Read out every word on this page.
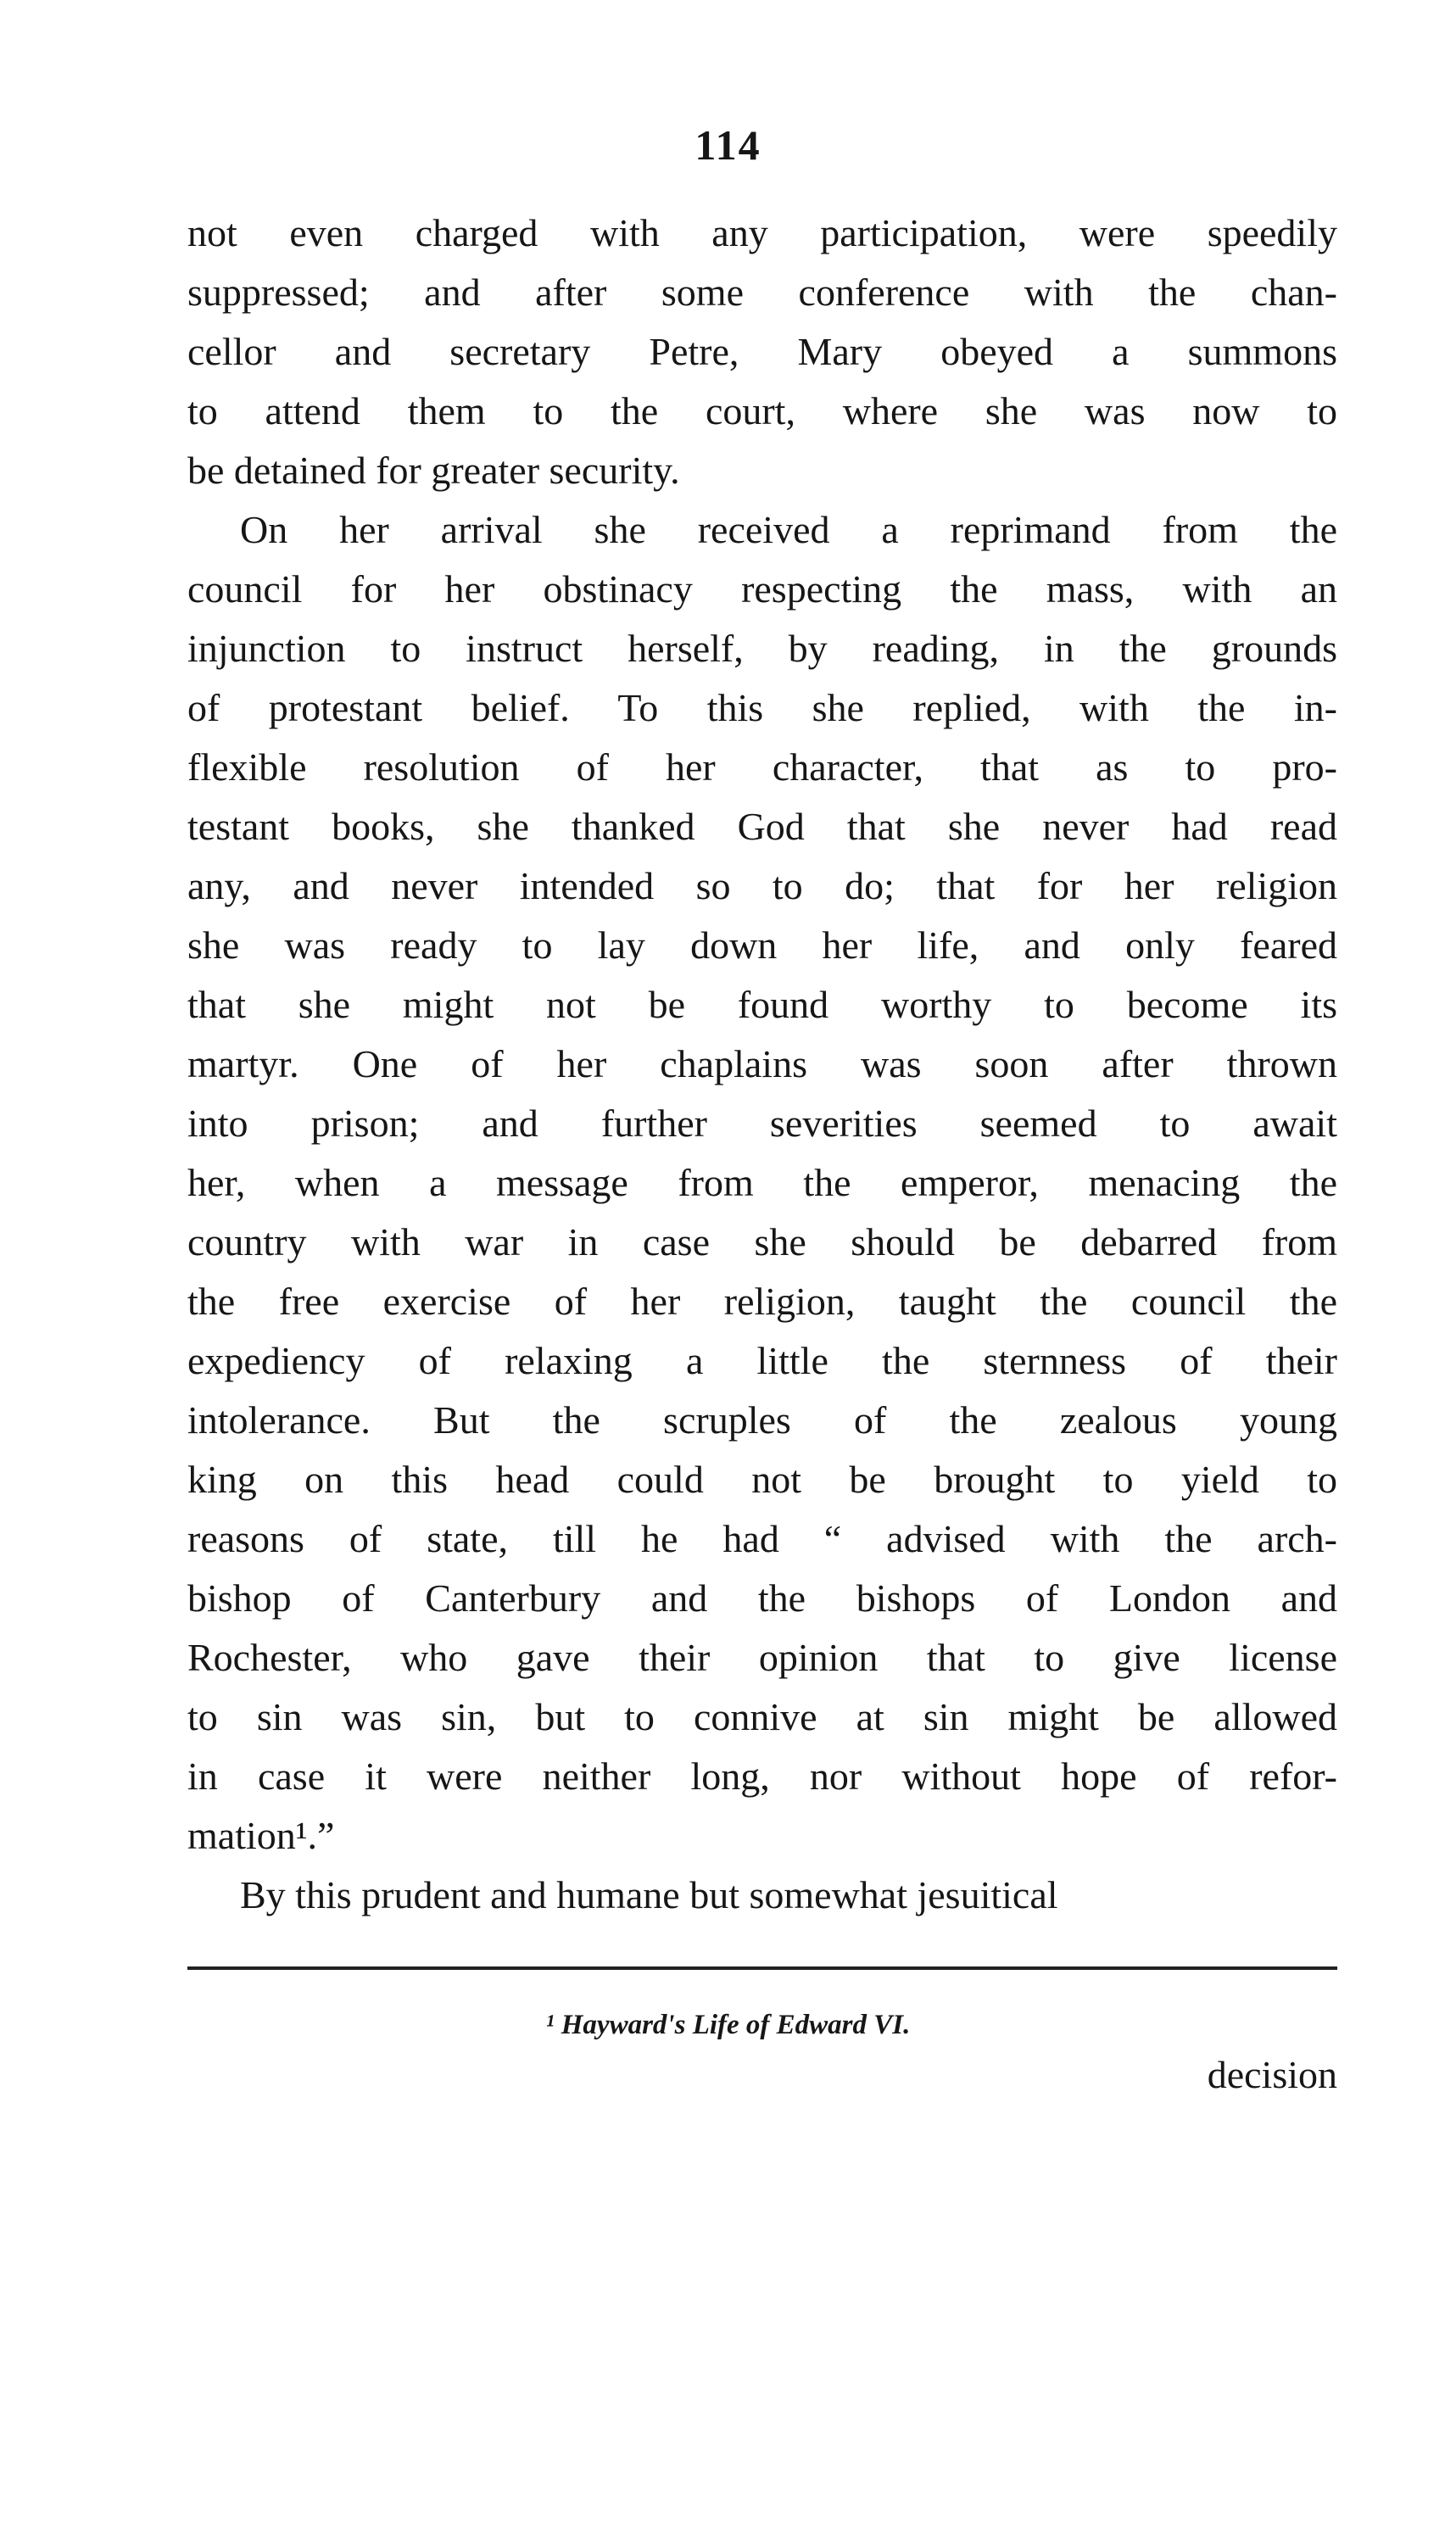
114
not even charged with any participation, were speedily
suppressed; and after some conference with the chan-
cellor and secretary Petre, Mary obeyed a summons
to attend them to the court, where she was now to
be detained for greater security.
On her arrival she received a reprimand from the
council for her obstinacy respecting the mass, with an
injunction to instruct herself, by reading, in the grounds
of protestant belief. To this she replied, with the in-
flexible resolution of her character, that as to pro-
testant books, she thanked God that she never had read
any, and never intended so to do; that for her religion
she was ready to lay down her life, and only feared
that she might not be found worthy to become its
martyr. One of her chaplains was soon after thrown
into prison; and further severities seemed to await
her, when a message from the emperor, menacing the
country with war in case she should be debarred from
the free exercise of her religion, taught the council the
expediency of relaxing a little the sternness of their
intolerance. But the scruples of the zealous young
king on this head could not be brought to yield to
reasons of state, till he had “ advised with the arch-
bishop of Canterbury and the bishops of London and
Rochester, who gave their opinion that to give license
to sin was sin, but to connive at sin might be allowed
in case it were neither long, nor without hope of refor-
mation¹.”
By this prudent and humane but somewhat jesuitical
¹ Hayward's Life of Edward VI.
decision
